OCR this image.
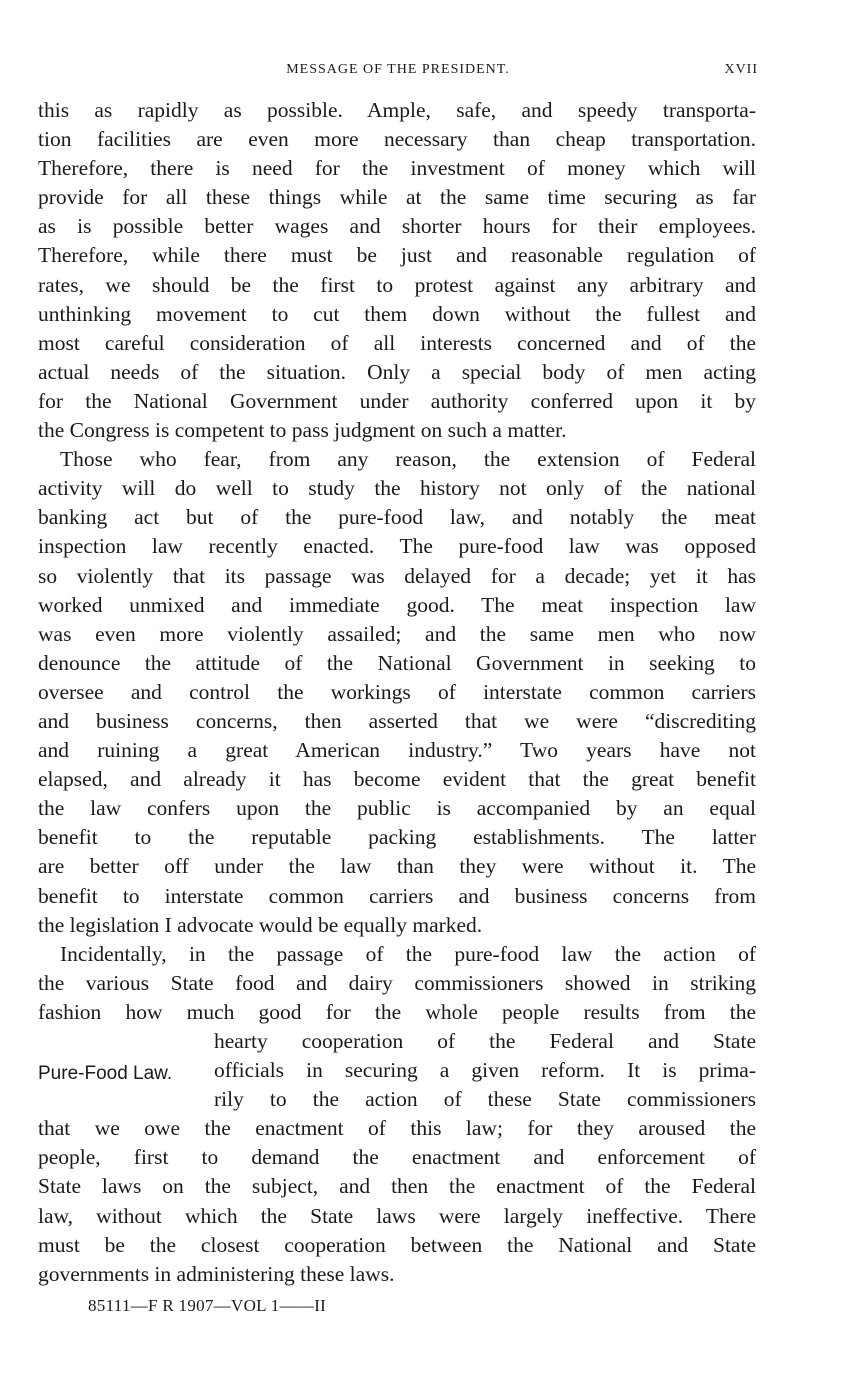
MESSAGE OF THE PRESIDENT.	XVII
this as rapidly as possible. Ample, safe, and speedy transporta-
tion facilities are even more necessary than cheap transportation.
Therefore, there is need for the investment of money which will
provide for all these things while at the same time securing as far
as is possible better wages and shorter hours for their employees.
Therefore, while there must be just and reasonable regulation of
rates, we should be the first to protest against any arbitrary and
unthinking movement to cut them down without the fullest and
most careful consideration of all interests concerned and of the
actual needs of the situation. Only a special body of men acting
for the National Government under authority conferred upon it by
the Congress is competent to pass judgment on such a matter.
Those who fear, from any reason, the extension of Federal
activity will do well to study the history not only of the national
banking act but of the pure-food law, and notably the meat
inspection law recently enacted. The pure-food law was opposed
so violently that its passage was delayed for a decade; yet it has
worked unmixed and immediate good. The meat inspection law
was even more violently assailed; and the same men who now
denounce the attitude of the National Government in seeking to
oversee and control the workings of interstate common carriers
and business concerns, then asserted that we were “discrediting
and ruining a great American industry.” Two years have not
elapsed, and already it has become evident that the great benefit
the law confers upon the public is accompanied by an equal
benefit to the reputable packing establishments. The latter
are better off under the law than they were without it. The
benefit to interstate common carriers and business concerns from
the legislation I advocate would be equally marked.
Incidentally, in the passage of the pure-food law the action of
the various State food and dairy commissioners showed in striking
fashion how much good for the whole people results from the
hearty cooperation of the Federal and State
officials in securing a given reform. It is prima-
rily to the action of these State commissioners
that we owe the enactment of this law; for they aroused the
people, first to demand the enactment and enforcement of
State laws on the subject, and then the enactment of the Federal
law, without which the State laws were largely ineffective. There
must be the closest cooperation between the National and State
governments in administering these laws.
Pure-Food Law.
85111—F R 1907—VOL 1——II
